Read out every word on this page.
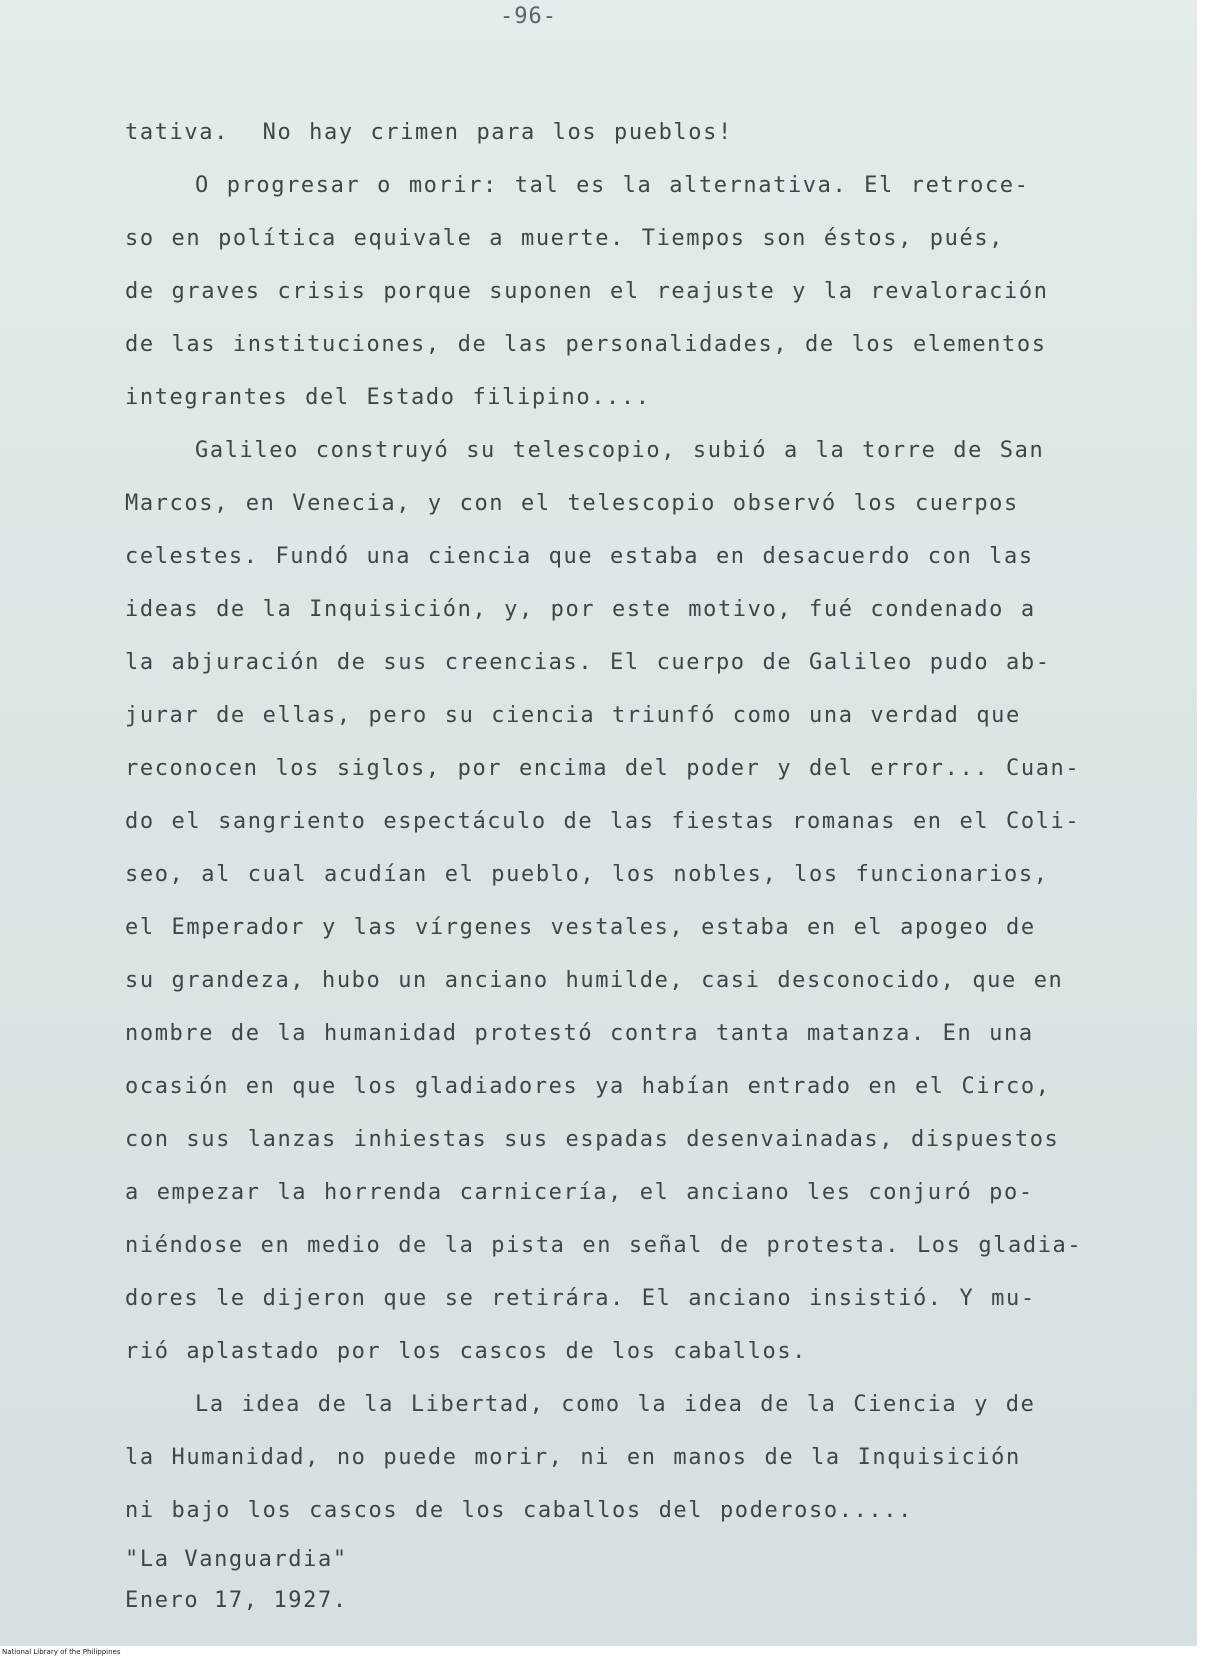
-96-
tativa.  No hay crimen para los pueblos!
O progresar o morir: tal es la alternativa. El retroce-
so en política equivale a muerte. Tiempos son éstos, pués,
de graves crisis porque suponen el reajuste y la revaloración
de las instituciones, de las personalidades, de los elementos
integrantes del Estado filipino....
Galileo construyó su telescopio, subió a la torre de San
Marcos, en Venecia, y con el telescopio observó los cuerpos
celestes. Fundó una ciencia que estaba en desacuerdo con las
ideas de la Inquisición, y, por este motivo, fué condenado a
la abjuración de sus creencias. El cuerpo de Galileo pudo ab-
jurar de ellas, pero su ciencia triunfó como una verdad que
reconocen los siglos, por encima del poder y del error... Cuan-
do el sangriento espectáculo de las fiestas romanas en el Coli-
seo, al cual acudían el pueblo, los nobles, los funcionarios,
el Emperador y las vírgenes vestales, estaba en el apogeo de
su grandeza, hubo un anciano humilde, casi desconocido, que en
nombre de la humanidad protestó contra tanta matanza. En una
ocasión en que los gladiadores ya habían entrado en el Circo,
con sus lanzas inhiestas sus espadas desenvainadas, dispuestos
a empezar la horrenda carnicería, el anciano les conjuró po-
niéndose en medio de la pista en señal de protesta. Los gladia-
dores le dijeron que se retirára. El anciano insistió. Y mu-
rió aplastado por los cascos de los caballos.
La idea de la Libertad, como la idea de la Ciencia y de
la Humanidad, no puede morir, ni en manos de la Inquisición
ni bajo los cascos de los caballos del poderoso.....
"La Vanguardia"
Enero 17, 1927.
National Library of the Philippines
